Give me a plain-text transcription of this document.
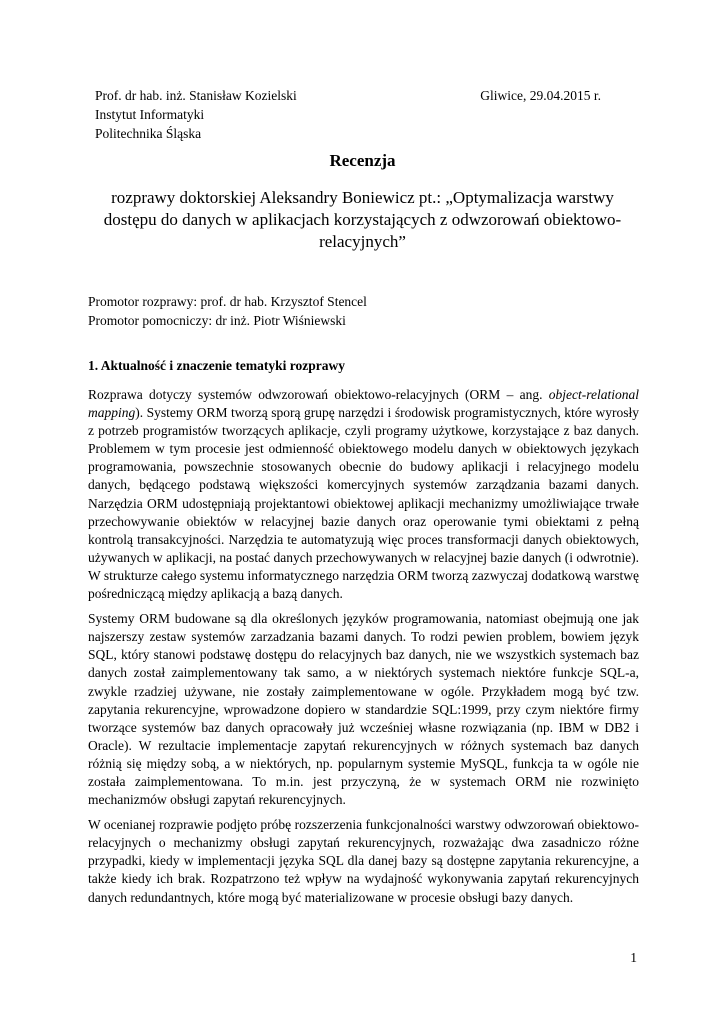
Prof. dr hab. inż. Stanisław Kozielski
Instytut Informatyki
Politechnika Śląska
Gliwice, 29.04.2015 r.
Recenzja
rozprawy doktorskiej Aleksandry Boniewicz pt.: „Optymalizacja warstwy dostępu do danych w aplikacjach korzystających z odwzorowań obiektowo-relacyjnych”
Promotor rozprawy: prof. dr hab. Krzysztof Stencel
Promotor pomocniczy: dr inż. Piotr Wiśniewski
1. Aktualność i znaczenie tematyki rozprawy

Rozprawa dotyczy systemów odwzorowań obiektowo-relacyjnych (ORM – ang. object-relational mapping). Systemy ORM tworzą sporą grupę narzędzi i środowisk programistycznych, które wyrosły z potrzeb programistów tworzących aplikacje, czyli programy użytkowe, korzystające z baz danych. Problemem w tym procesie jest odmienność obiektowego modelu danych w obiektowych językach programowania, powszechnie stosowanych obecnie do budowy aplikacji i relacyjnego modelu danych, będącego podstawą większości komercyjnych systemów zarządzania bazami danych. Narzędzia ORM udostępniają projektantowi obiektowej aplikacji mechanizmy umożliwiające trwałe przechowywanie obiektów w relacyjnej bazie danych oraz operowanie tymi obiektami z pełną kontrolą transakcyjności. Narzędzia te automatyzują więc proces transformacji danych obiektowych, używanych w aplikacji, na postać danych przechowywanych w relacyjnej bazie danych (i odwrotnie). W strukturze całego systemu informatycznego narzędzia ORM tworzą zazwyczaj dodatkową warstwę pośredniczącą między aplikacją a bazą danych.

Systemy ORM budowane są dla określonych języków programowania, natomiast obejmują one jak najszerszy zestaw systemów zarzadzania bazami danych. To rodzi pewien problem, bowiem język SQL, który stanowi podstawę dostępu do relacyjnych baz danych, nie we wszystkich systemach baz danych został zaimplementowany tak samo, a w niektórych systemach niektóre funkcje SQL-a, zwykle rzadziej używane, nie zostały zaimplementowane w ogóle. Przykładem mogą być tzw. zapytania rekurencyjne, wprowadzone dopiero w standardzie SQL:1999, przy czym niektóre firmy tworzące systemów baz danych opracowały już wcześniej własne rozwiązania (np. IBM w DB2 i Oracle). W rezultacie implementacje zapytań rekurencyjnych w różnych systemach baz danych różnią się między sobą, a w niektórych, np. popularnym systemie MySQL, funkcja ta w ogóle nie została zaimplementowana. To m.in. jest przyczyną, że w systemach ORM nie rozwinięto mechanizmów obsługi zapytań rekurencyjnych.

W ocenianej rozprawie podjęto próbę rozszerzenia funkcjonalności warstwy odwzorowań obiektowo-relacyjnych o mechanizmy obsługi zapytań rekurencyjnych, rozważając dwa zasadniczo różne przypadki, kiedy w implementacji języka SQL dla danej bazy są dostępne zapytania rekurencyjne, a także kiedy ich brak. Rozpatrzono też wpływ na wydajność wykonywania zapytań rekurencyjnych danych redundantnych, które mogą być materializowane w procesie obsługi bazy danych.

1
